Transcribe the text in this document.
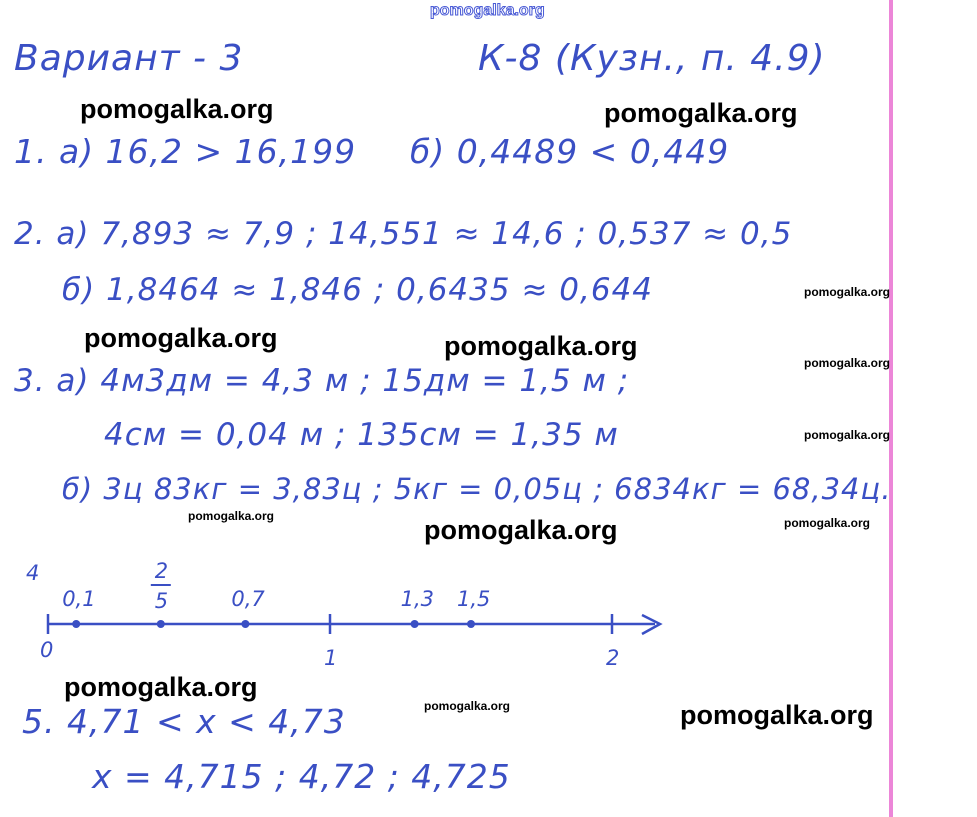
pomogalka.org
Вариант - 3	К-8 (Кузн., п. 4.9)
1. а) 16,2 > 16,199 б) 0,4489 < 0,449
2. а) 7,893 ≈ 7,9 ; 14,551 ≈ 14,6 ; 0,537 ≈ 0,5
б) 1,8464 ≈ 1,846 ; 0,6435 ≈ 0,644
3. а) 4м3дм = 4,3 м ; 15дм = 1,5 м ;
4см = 0,04 м ; 135см = 1,35 м
б) 3ц 83кг = 3,83ц ; 5кг = 0,05ц ; 6834кг = 68,34ц.
4
0
0,1
2
5	0,7	1,3 1,5
1	2
5. 4,71 < x < 4,73
x = 4,715 ; 4,72 ; 4,725
pomogalka.org	pomogalka.org
pomogalka.org
pomogalka.org	pomogalka.org
pomogalka.org
pomogalka.org
pomogalka.org	pomogalka.org	pomogalka.org
pomogalka.org
pomogalka.org	pomogalka.org
